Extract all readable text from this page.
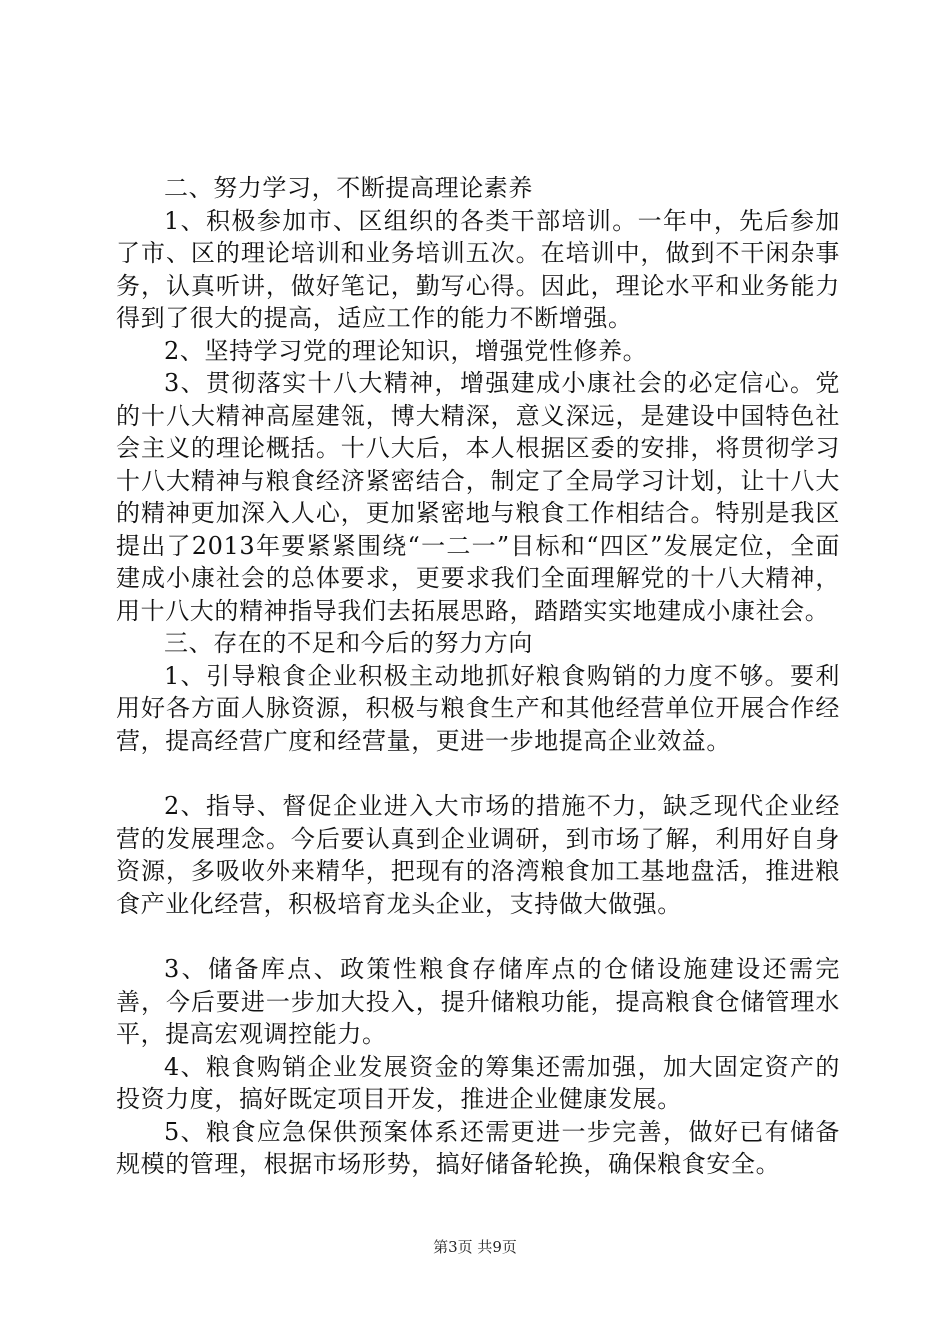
二、努力学习，不断提高理论素养

1、积极参加市、区组织的各类干部培训。一年中，先后参加了市、区的理论培训和业务培训五次。在培训中，做到不干闲杂事务，认真听讲，做好笔记，勤写心得。因此，理论水平和业务能力得到了很大的提高，适应工作的能力不断增强。

2、坚持学习党的理论知识，增强党性修养。

3、贯彻落实十八大精神，增强建成小康社会的必定信心。党的十八大精神高屋建瓴，博大精深，意义深远，是建设中国特色社会主义的理论概括。十八大后，本人根据区委的安排，将贯彻学习十八大精神与粮食经济紧密结合，制定了全局学习计划，让十八大的精神更加深入人心，更加紧密地与粮食工作相结合。特别是我区提出了2013年要紧紧围绕“一二一”目标和“四区”发展定位，全面建成小康社会的总体要求，更要求我们全面理解党的十八大精神，用十八大的精神指导我们去拓展思路，踏踏实实地建成小康社会。

三、存在的不足和今后的努力方向

1、引导粮食企业积极主动地抓好粮食购销的力度不够。要利用好各方面人脉资源，积极与粮食生产和其他经营单位开展合作经营，提高经营广度和经营量，更进一步地提高企业效益。

2、指导、督促企业进入大市场的措施不力，缺乏现代企业经营的发展理念。今后要认真到企业调研，到市场了解，利用好自身资源，多吸收外来精华，把现有的洛湾粮食加工基地盘活，推进粮食产业化经营，积极培育龙头企业，支持做大做强。

3、储备库点、政策性粮食存储库点的仓储设施建设还需完善，今后要进一步加大投入，提升储粮功能，提高粮食仓储管理水平，提高宏观调控能力。

4、粮食购销企业发展资金的筹集还需加强，加大固定资产的投资力度，搞好既定项目开发，推进企业健康发展。

5、粮食应急保供预案体系还需更进一步完善，做好已有储备规模的管理，根据市场形势，搞好储备轮换，确保粮食安全。

第3页 共9页
